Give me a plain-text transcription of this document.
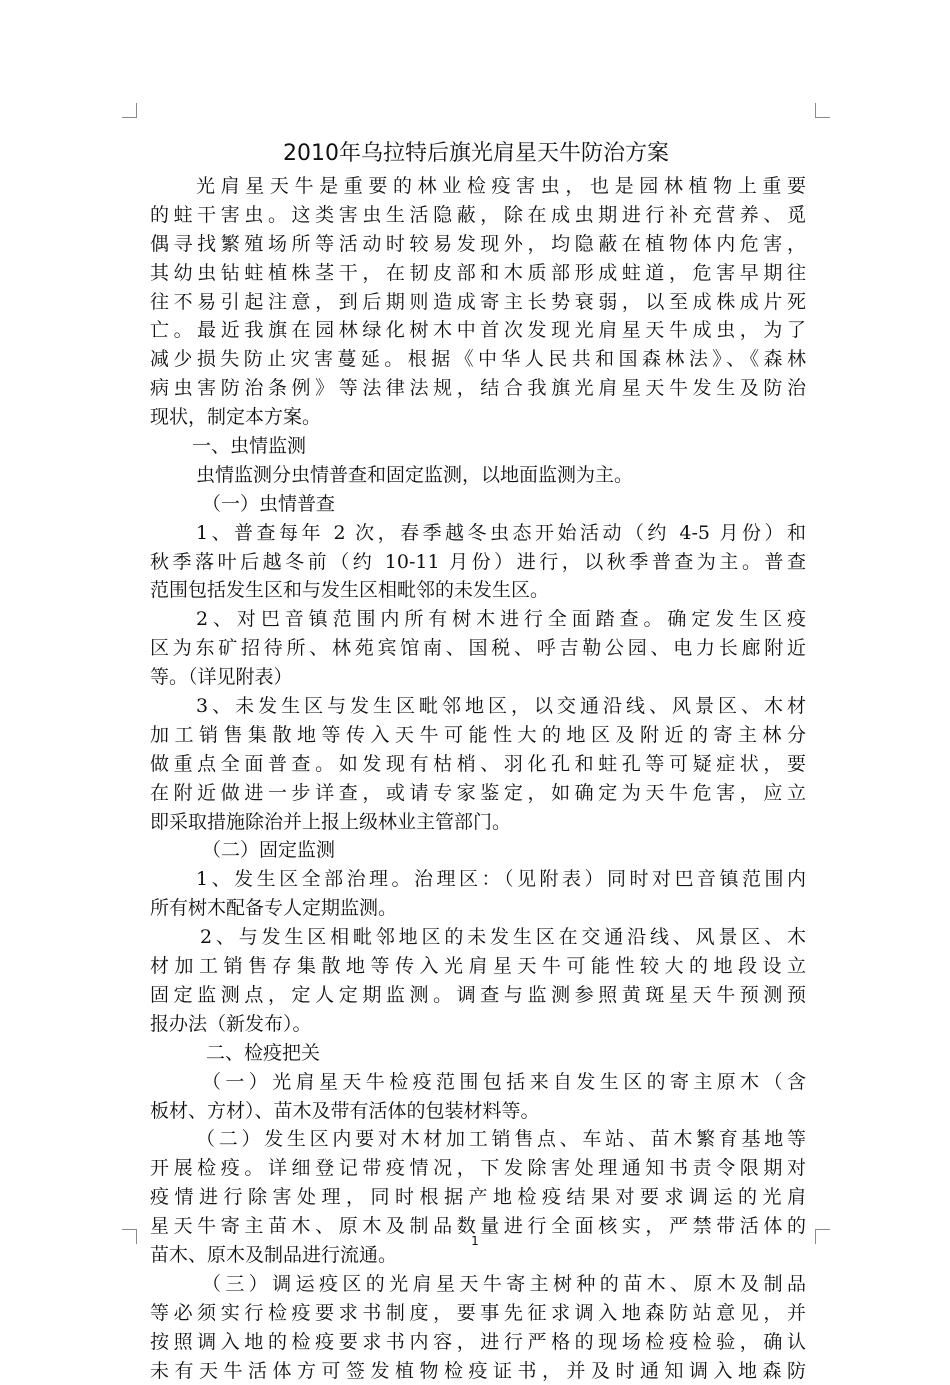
2010年乌拉特后旗光肩星天牛防治方案
光肩星天牛是重要的林业检疫害虫，也是园林植物上重要
的蛀干害虫。这类害虫生活隐蔽，除在成虫期进行补充营养、觅
偶寻找繁殖场所等活动时较易发现外，均隐蔽在植物体内危害，
其幼虫钻蛀植株茎干，在韧皮部和木质部形成蛀道，危害早期往
往不易引起注意，到后期则造成寄主长势衰弱，以至成株成片死
亡。最近我旗在园林绿化树木中首次发现光肩星天牛成虫，为了
减少损失防止灾害蔓延。根据《中华人民共和国森林法》、《森林
病虫害防治条例》等法律法规，结合我旗光肩星天牛发生及防治
现状，制定本方案。
一、虫情监测
虫情监测分虫情普查和固定监测，以地面监测为主。
（一）虫情普查
1、普查每年 2 次，春季越冬虫态开始活动（约 4-5 月份）和
秋季落叶后越冬前（约 10-11 月份）进行，以秋季普查为主。普查
范围包括发生区和与发生区相毗邻的未发生区。
2、对巴音镇范围内所有树木进行全面踏查。确定发生区疫
区为东矿招待所、林苑宾馆南、国税、呼吉勒公园、电力长廊附近
等。（详见附表）
3、未发生区与发生区毗邻地区，以交通沿线、风景区、木材
加工销售集散地等传入天牛可能性大的地区及附近的寄主林分
做重点全面普查。如发现有枯梢、羽化孔和蛀孔等可疑症状，要
在附近做进一步详查，或请专家鉴定，如确定为天牛危害，应立
即采取措施除治并上报上级林业主管部门。
（二）固定监测
1、发生区全部治理。治理区：（见附表）同时对巴音镇范围内
所有树木配备专人定期监测。
2、与发生区相毗邻地区的未发生区在交通沿线、风景区、木
材加工销售存集散地等传入光肩星天牛可能性较大的地段设立
固定监测点，定人定期监测。调查与监测参照黄斑星天牛预测预
报办法（新发布）。
二、检疫把关
（一）光肩星天牛检疫范围包括来自发生区的寄主原木（含
板材、方材）、苗木及带有活体的包装材料等。
（二）发生区内要对木材加工销售点、车站、苗木繁育基地等
开展检疫。详细登记带疫情况，下发除害处理通知书责令限期对
疫情进行除害处理，同时根据产地检疫结果对要求调运的光肩
星天牛寄主苗木、原木及制品数量进行全面核实，严禁带活体的
苗木、原木及制品进行流通。
（三）调运疫区的光肩星天牛寄主树种的苗木、原木及制品
等必须实行检疫要求书制度，要事先征求调入地森防站意见，并
按照调入地的检疫要求书内容，进行严格的现场检疫检验，确认
未有天牛活体方可签发植物检疫证书，并及时通知调入地森防
1
